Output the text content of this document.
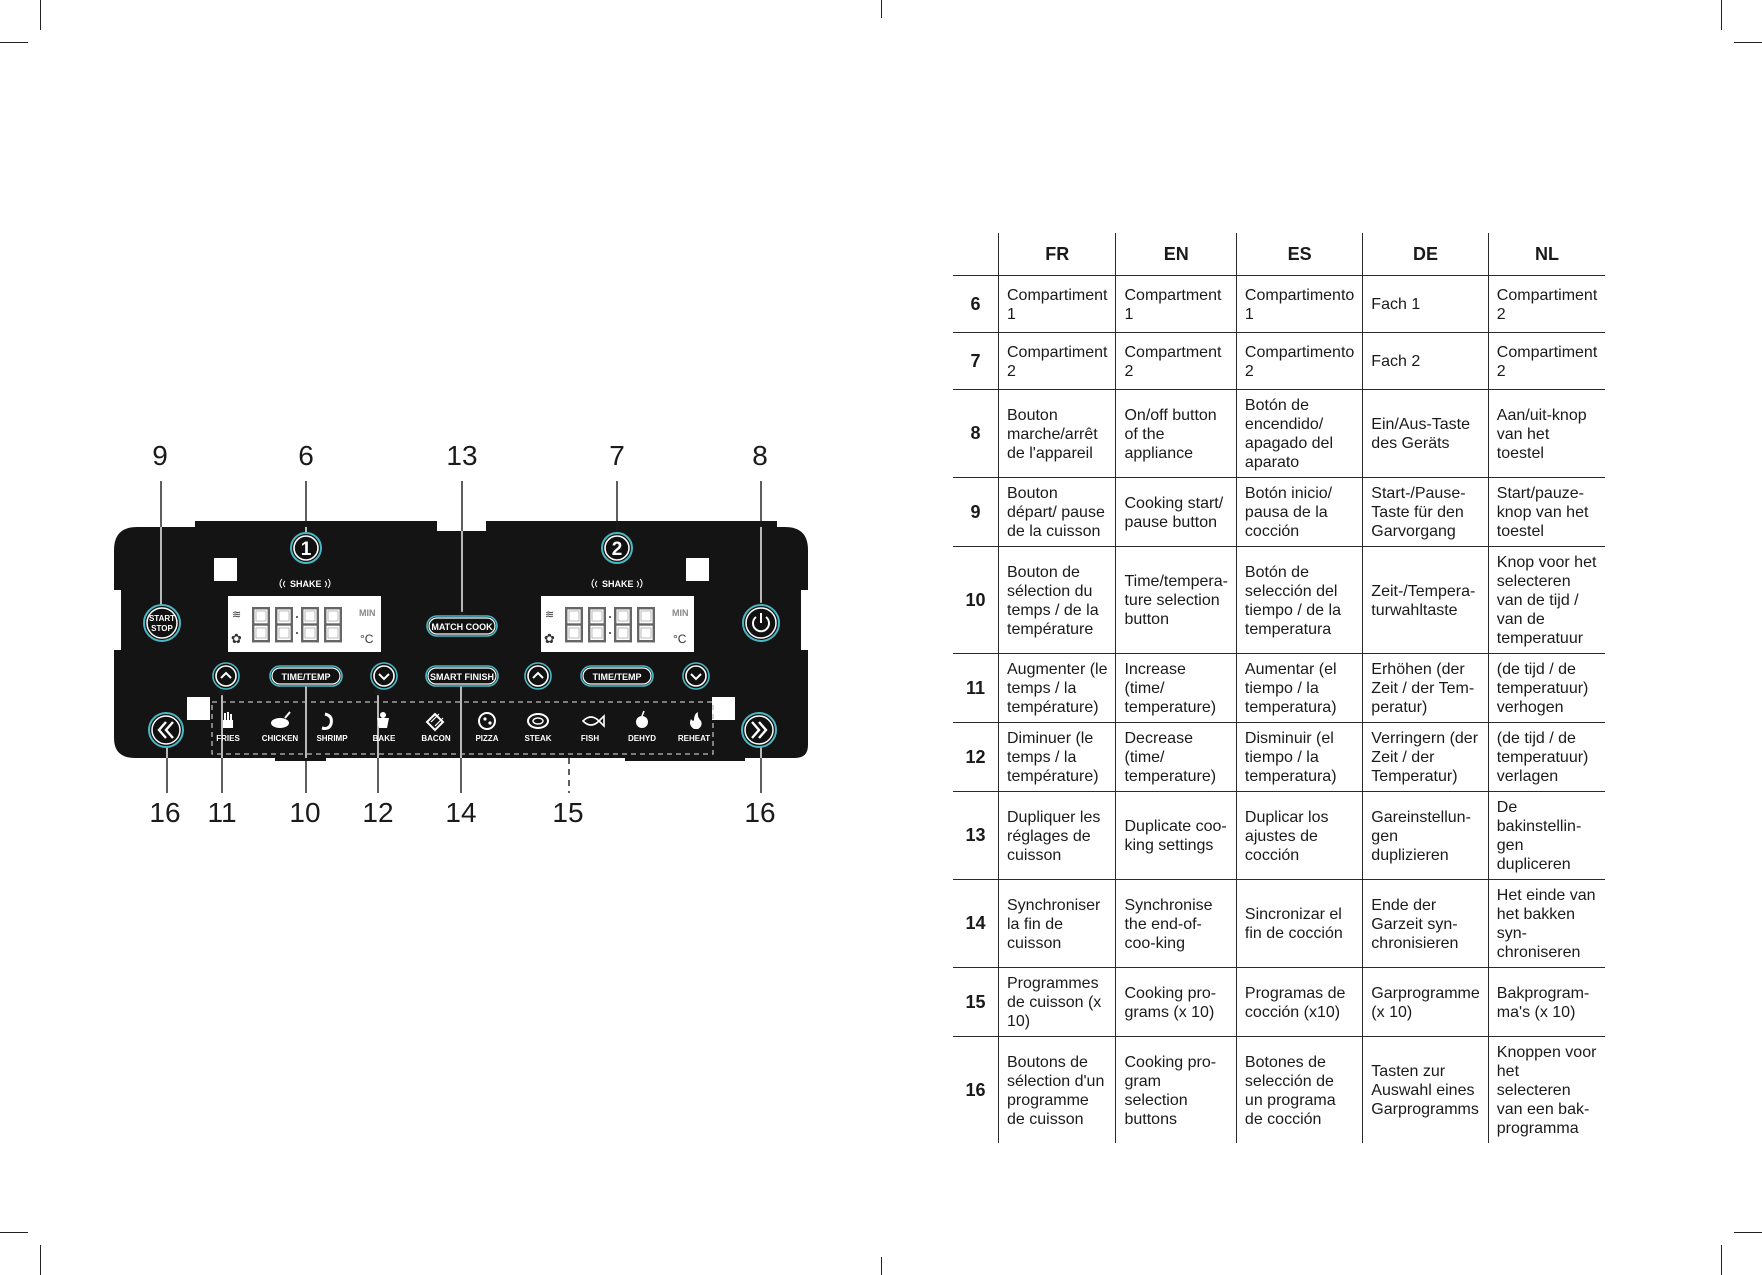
9	6	13	7	8
16 11 10 12 14	15	16
1	2
SHAKE	SHAKE
≋
✿
MIN
°C
≋
✿
MIN
°C
START
STOP	MATCH COOK
SMART FINISH
TIME/TEMP	TIME/TEMP
FRIES	CHICKEN SHRIMP	BAKE	BACON	PIZZA	STEAK	FISH	DEHYD	REHEAT
	FR	EN	ES	DE	NL
6	Compartiment 1	Compartment 1	Compartimento 1	Fach 1	Compartiment 2
7	Compartiment 2	Compartment 2	Compartimento 2	Fach 2	Compartiment 2
8	Bouton marche/arrêt de l'appareil	On/off button of the appliance	Botón de encendido/ apagado del aparato	Ein/Aus-Taste des Geräts	Aan/uit-knop van het toestel
9	Bouton départ/ pause de la cuisson	Cooking start/ pause button	Botón inicio/ pausa de la cocción	Start-/Pause-Taste für den Garvorgang	Start/pauze-knop van het toestel
10	Bouton de sélection du temps / de la température	Time/tempera-ture selection button	Botón de selección del tiempo / de la temperatura	Zeit-/Tempera-turwahltaste	Knop voor het selecteren van de tijd / van de temperatuur
11	Augmenter (le temps / la température)	Increase (time/ temperature)	Aumentar (el tiempo / la temperatura)	Erhöhen (der Zeit / der Tem-peratur)	(de tijd / de temperatuur) verhogen
12	Diminuer (le temps / la température)	Decrease (time/ temperature)	Disminuir (el tiempo / la temperatura)	Verringern (der Zeit / der Temperatur)	(de tijd / de temperatuur) verlagen
13	Dupliquer les réglages de cuisson	Duplicate coo-king settings	Duplicar los ajustes de cocción	Gareinstellun-gen duplizieren	De bakinstellin-gen dupliceren
14	Synchroniser la fin de cuisson	Synchronise the end-of-coo-king	Sincronizar el fin de cocción	Ende der Garzeit syn-chronisieren	Het einde van het bakken syn-chroniseren
15	Programmes de cuisson (x 10)	Cooking pro-grams (x 10)	Programas de cocción (x10)	Garprogramme (x 10)	Bakprogram-ma's (x 10)
16	Boutons de sélection d'un programme de cuisson	Cooking pro-gram selection buttons	Botones de selección de un programa de cocción	Tasten zur Auswahl eines Garprogramms	Knoppen voor het selecteren van een bak-programma
